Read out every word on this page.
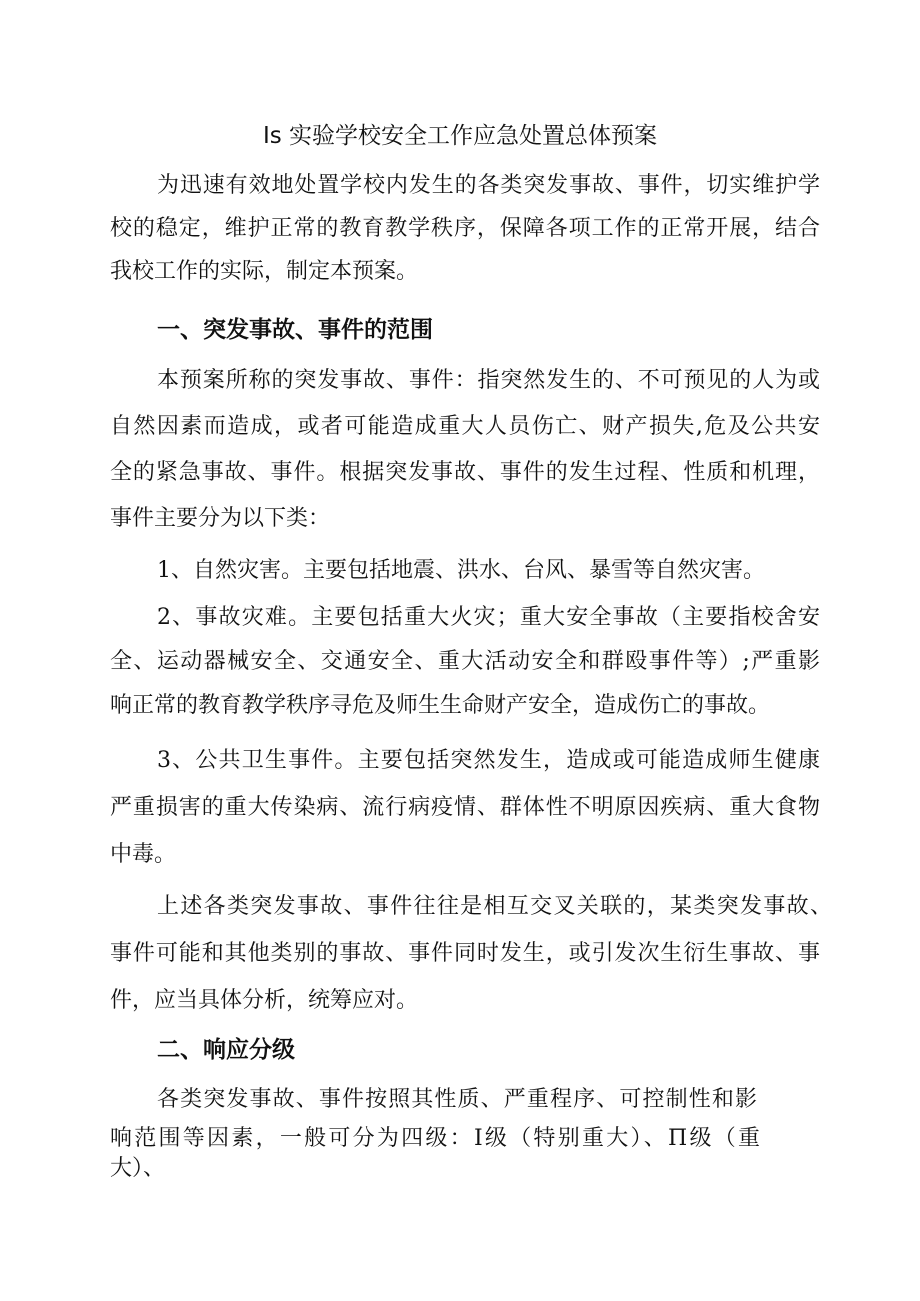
Is 实验学校安全工作应急处置总体预案
为迅速有效地处置学校内发生的各类突发事故、事件，切实维护学
校的稳定，维护正常的教育教学秩序，保障各项工作的正常开展，结合
我校工作的实际，制定本预案。
一、突发事故、事件的范围
本预案所称的突发事故、事件：指突然发生的、不可预见的人为或
自然因素而造成，或者可能造成重大人员伤亡、财产损失,危及公共安
全的紧急事故、事件。根据突发事故、事件的发生过程、性质和机理，
事件主要分为以下类：
1、自然灾害。主要包括地震、洪水、台风、暴雪等自然灾害。
2、事故灾难。主要包括重大火灾；重大安全事故（主要指校舍安
全、运动器械安全、交通安全、重大活动安全和群殴事件等）;严重影
响正常的教育教学秩序寻危及师生生命财产安全，造成伤亡的事故。
3、公共卫生事件。主要包括突然发生，造成或可能造成师生健康
严重损害的重大传染病、流行病疫情、群体性不明原因疾病、重大食物
中毒。
上述各类突发事故、事件往往是相互交叉关联的，某类突发事故、
事件可能和其他类别的事故、事件同时发生，或引发次生衍生事故、事
件，应当具体分析，统筹应对。
二、响应分级
各类突发事故、事件按照其性质、严重程序、可控制性和影
响范围等因素，一般可分为四级：I级（特别重大）、Π级（重
大）、
